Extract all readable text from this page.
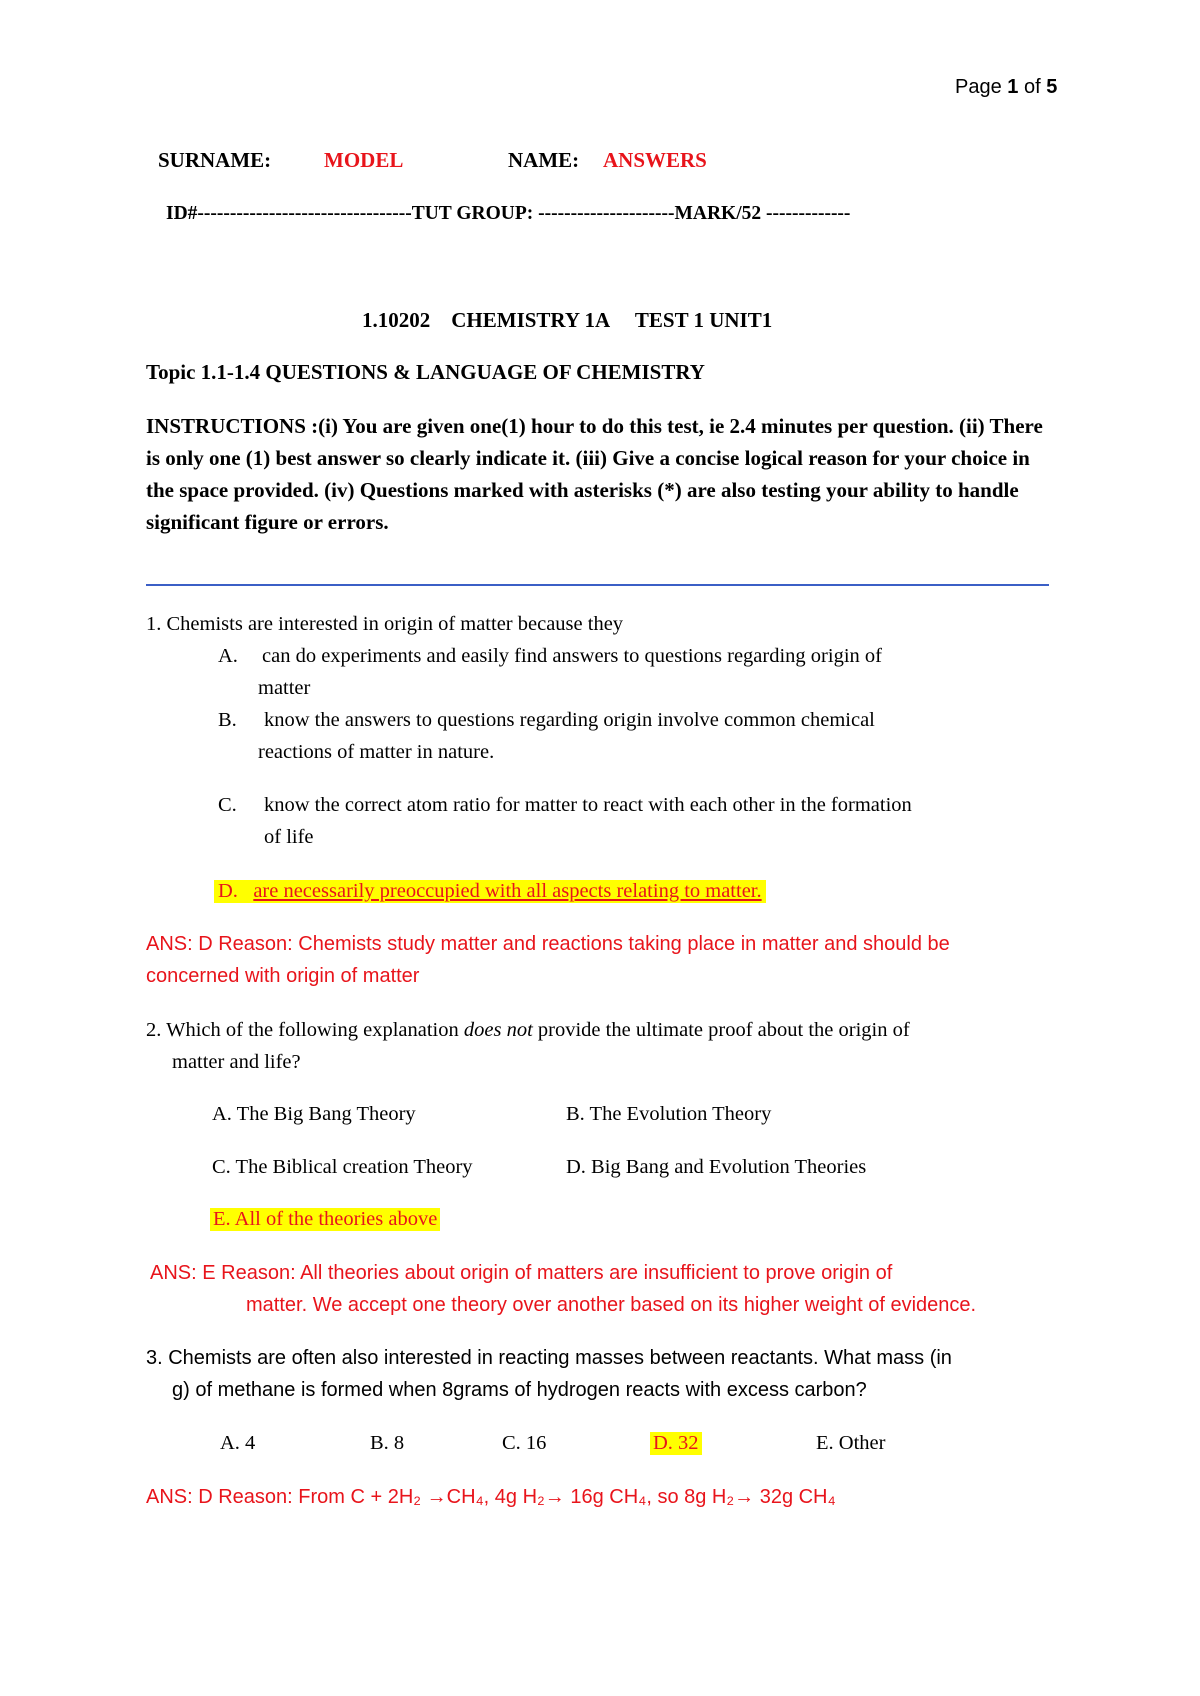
Page 1 of 5
SURNAME:	MODEL	NAME: ANSWERS
ID#---------------------------------TUT GROUP: ---------------------MARK/52 -------------
1.10202    CHEMISTRY 1A     TEST 1 UNIT1
Topic 1.1-1.4 QUESTIONS & LANGUAGE OF CHEMISTRY
INSTRUCTIONS :(i) You are given one(1) hour to do this test, ie 2.4 minutes per question. (ii) There is only one (1) best answer so clearly indicate it. (iii) Give a concise logical reason for your choice in the space provided. (iv) Questions marked with asterisks (*) are also testing your ability to handle significant figure or errors.
1. Chemists are interested in origin of matter because they
A. can do experiments and easily find answers to questions regarding origin of
matter
B. know the answers to questions regarding origin involve common chemical
reactions of matter in nature.
C. know the correct atom ratio for matter to react with each other in the formation
of life
D. are necessarily preoccupied with all aspects relating to matter.
ANS: D Reason: Chemists study matter and reactions taking place in matter and should be
concerned with origin of matter
2. Which of the following explanation does not provide the ultimate proof about the origin of
matter and life?
A. The Big Bang Theory	B. The Evolution Theory
C. The Biblical creation Theory	D. Big Bang and Evolution Theories
E. All of the theories above
ANS: E Reason: All theories about origin of matters are insufficient to prove origin of
matter. We accept one theory over another based on its higher weight of evidence.
3. Chemists are often also interested in reacting masses between reactants. What mass (in
g) of methane is formed when 8grams of hydrogen reacts with excess carbon?
A. 4	B. 8	C. 16	D. 32	E. Other
ANS: D Reason: From C + 2H₂ →CH₄, 4g H₂→ 16g CH₄, so 8g H₂→ 32g CH₄
